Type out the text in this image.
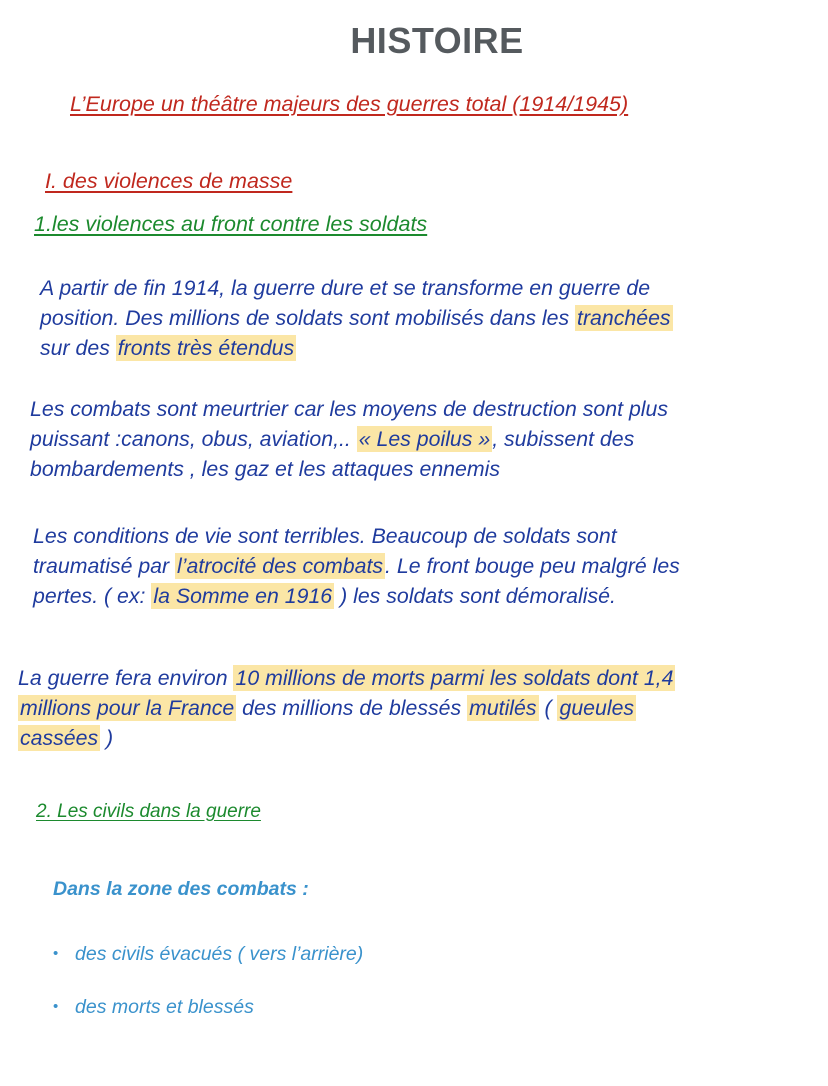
HISTOIRE

L’Europe un théâtre majeurs des guerres total (1914/1945)

I. des violences de masse

1.les violences au front contre les soldats

A partir de fin 1914, la guerre dure et se transforme en guerre de
position. Des millions de soldats sont mobilisés dans les tranchées
sur des fronts très étendus
Les combats sont meurtrier car les moyens de destruction sont plus
puissant :canons, obus, aviation,.. « Les poilus », subissent des
bombardements , les gaz et les attaques ennemis
Les conditions de vie sont terribles. Beaucoup de soldats sont
traumatisé par l’atrocité des combats. Le front bouge peu malgré les
pertes. ( ex: la Somme en 1916 ) les soldats sont démoralisé.
La guerre fera environ 10 millions de morts parmi les soldats dont 1,4
millions pour la France des millions de blessés mutilés ( gueules
cassées )

2. Les civils dans la guerre

Dans la zone des combats :

• des civils évacués ( vers l’arrière)

• des morts et blessés
